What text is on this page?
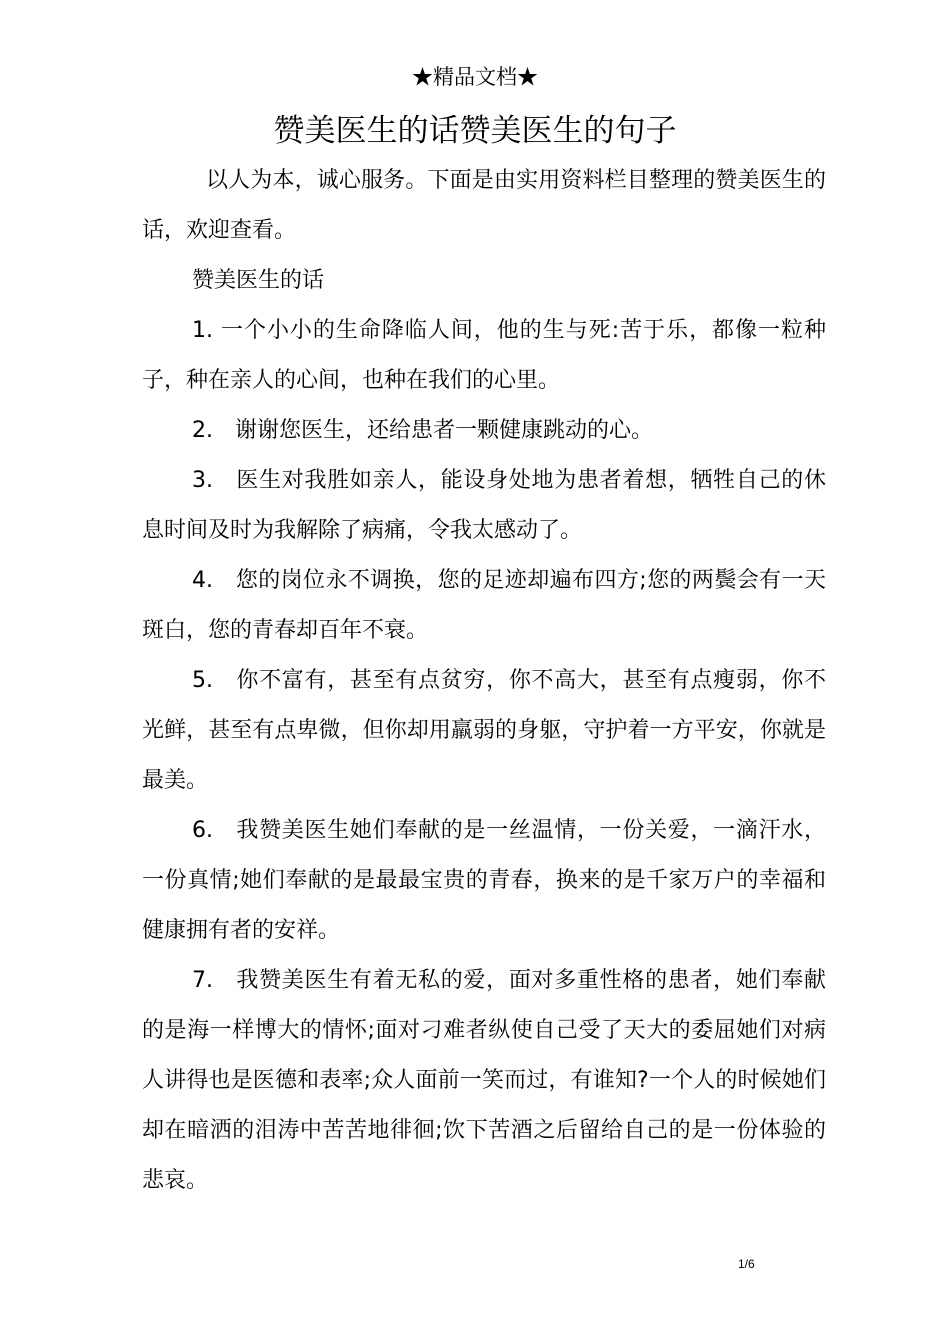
★精品文档★
赞美医生的话赞美医生的句子

以人为本，诚心服务。下面是由实用资料栏目整理的赞美医生的话，欢迎查看。

赞美医生的话

1. 一个小小的生命降临人间，他的生与死:苦于乐，都像一粒种子，种在亲人的心间，也种在我们的心里。

2.　谢谢您医生，还给患者一颗健康跳动的心。

3.　医生对我胜如亲人，能设身处地为患者着想，牺牲自己的休息时间及时为我解除了病痛，令我太感动了。

4.　您的岗位永不调换，您的足迹却遍布四方;您的两鬓会有一天斑白，您的青春却百年不衰。

5.　你不富有，甚至有点贫穷，你不高大，甚至有点瘦弱，你不光鲜，甚至有点卑微，但你却用羸弱的身躯，守护着一方平安，你就是最美。

6.　我赞美医生她们奉献的是一丝温情，一份关爱，一滴汗水，一份真情;她们奉献的是最最宝贵的青春，换来的是千家万户的幸福和健康拥有者的安祥。

7.　我赞美医生有着无私的爱，面对多重性格的患者，她们奉献的是海一样博大的情怀;面对刁难者纵使自己受了天大的委屈她们对病人讲得也是医德和表率;众人面前一笑而过，有谁知?一个人的时候她们却在暗洒的泪涛中苦苦地徘徊;饮下苦酒之后留给自己的是一份体验的悲哀。

1/6
